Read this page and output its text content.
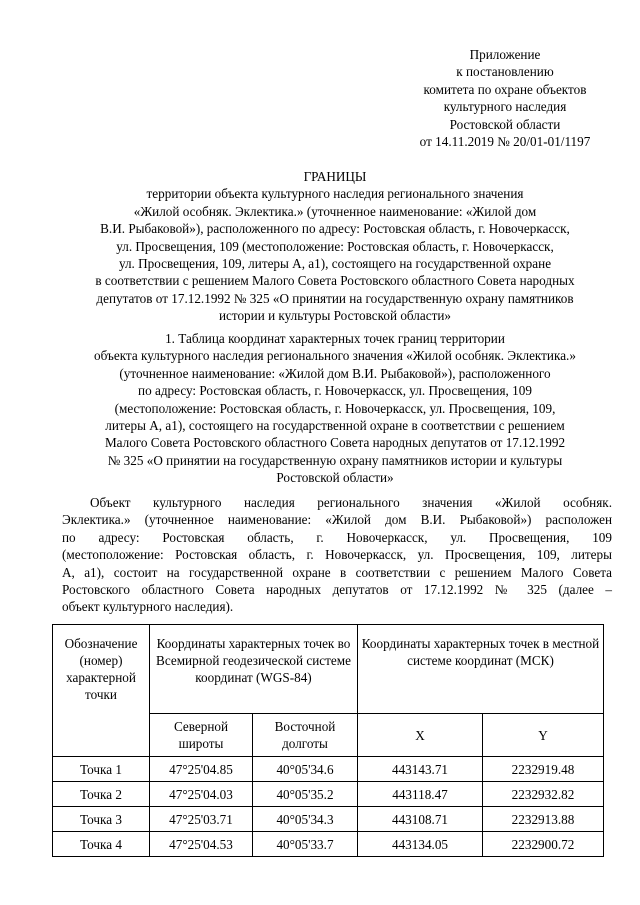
Приложение
к постановлению
комитета по охране объектов
культурного наследия
Ростовской области
от 14.11.2019 № 20/01-01/1197
ГРАНИЦЫ
территории объекта культурного наследия регионального значения
«Жилой особняк. Эклектика.» (уточненное наименование: «Жилой дом
В.И. Рыбаковой»), расположенного по адресу: Ростовская область, г. Новочеркасск,
ул. Просвещения, 109 (местоположение: Ростовская область, г. Новочеркасск,
ул. Просвещения, 109, литеры А, а1), состоящего на государственной охране
в соответствии с решением Малого Совета Ростовского областного Совета народных
депутатов от 17.12.1992 № 325 «О принятии на государственную охрану памятников
истории и культуры Ростовской области»
1. Таблица координат характерных точек границ территории
объекта культурного наследия регионального значения «Жилой особняк. Эклектика.»
(уточненное наименование: «Жилой дом В.И. Рыбаковой»), расположенного
по адресу: Ростовская область, г. Новочеркасск, ул. Просвещения, 109
(местоположение: Ростовская область, г. Новочеркасск, ул. Просвещения, 109,
литеры А, а1), состоящего на государственной охране в соответствии с решением
Малого Совета Ростовского областного Совета народных депутатов от 17.12.1992
№ 325 «О принятии на государственную охрану памятников истории и культуры
Ростовской области»
Объект культурного наследия регионального значения «Жилой особняк.
Эклектика.» (уточненное наименование: «Жилой дом В.И. Рыбаковой») расположен
по адресу: Ростовская область, г. Новочеркасск, ул. Просвещения, 109
(местоположение: Ростовская область, г. Новочеркасск, ул. Просвещения, 109, литеры
А, а1), состоит на государственной охране в соответствии с решением Малого Совета
Ростовского областного Совета народных депутатов от 17.12.1992 № 325 (далее –
объект культурного наследия).
Обозначение (номер) характерной точки	Координаты характерных точек во Всемирной геодезической системе координат (WGS-84)		Координаты характерных точек в местной системе координат (МСК)	
	Северной широты	Восточной долготы	X	Y
Точка 1	47°25'04.85	40°05'34.6	443143.71	2232919.48
Точка 2	47°25'04.03	40°05'35.2	443118.47	2232932.82
Точка 3	47°25'03.71	40°05'34.3	443108.71	2232913.88
Точка 4	47°25'04.53	40°05'33.7	443134.05	2232900.72
